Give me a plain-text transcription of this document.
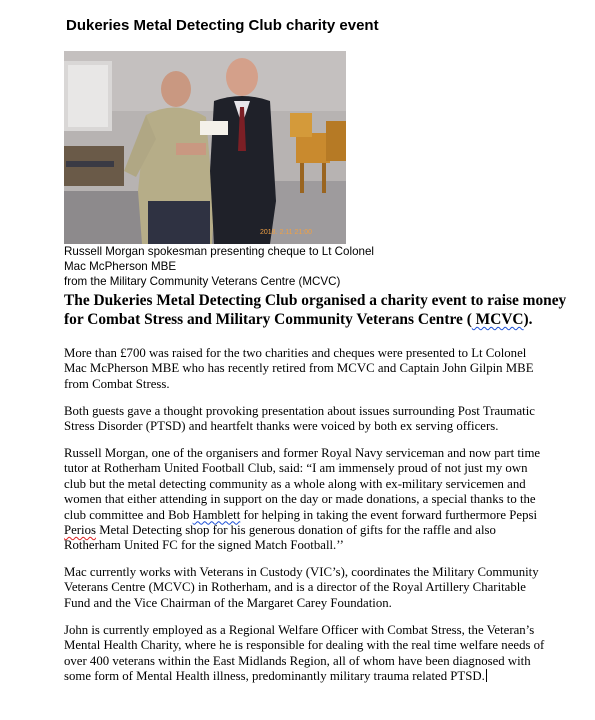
Dukeries Metal Detecting Club charity event
2018. 2.11 21:00
Russell Morgan spokesman presenting cheque to Lt Colonel Mac McPherson MBE
from the Military Community Veterans Centre (MCVC)
The Dukeries Metal Detecting Club organised a charity event to raise money
for Combat Stress and Military Community Veterans Centre ( MCVC).
More than £700 was raised for the two charities and cheques were presented to Lt Colonel
Mac McPherson MBE who has recently retired from MCVC and Captain John Gilpin MBE
from Combat Stress.
Both guests gave a thought provoking presentation about issues surrounding Post Traumatic
Stress Disorder (PTSD) and heartfelt thanks were voiced by both ex serving officers.
Russell Morgan, one of the organisers and former Royal Navy serviceman and now part time
tutor at Rotherham United Football Club, said: “I am immensely proud of not just my own
club but the metal detecting community as a whole along with ex-military servicemen and
women that either attending in support on the day or made donations, a special thanks to the
club committee and Bob Hamblett for helping in taking the event forward furthermore Pepsi
Perios Metal Detecting shop for his generous donation of gifts for the raffle and also
Rotherham United FC for the signed Match Football.’’
Mac currently works with Veterans in Custody (VIC’s), coordinates the Military Community
Veterans Centre (MCVC) in Rotherham, and is a director of the Royal Artillery Charitable
Fund and the Vice Chairman of the Margaret Carey Foundation.
John is currently employed as a Regional Welfare Officer with Combat Stress, the Veteran’s
Mental Health Charity, where he is responsible for dealing with the real time welfare needs of
over 400 veterans within the East Midlands Region, all of whom have been diagnosed with
some form of Mental Health illness, predominantly military trauma related PTSD.
